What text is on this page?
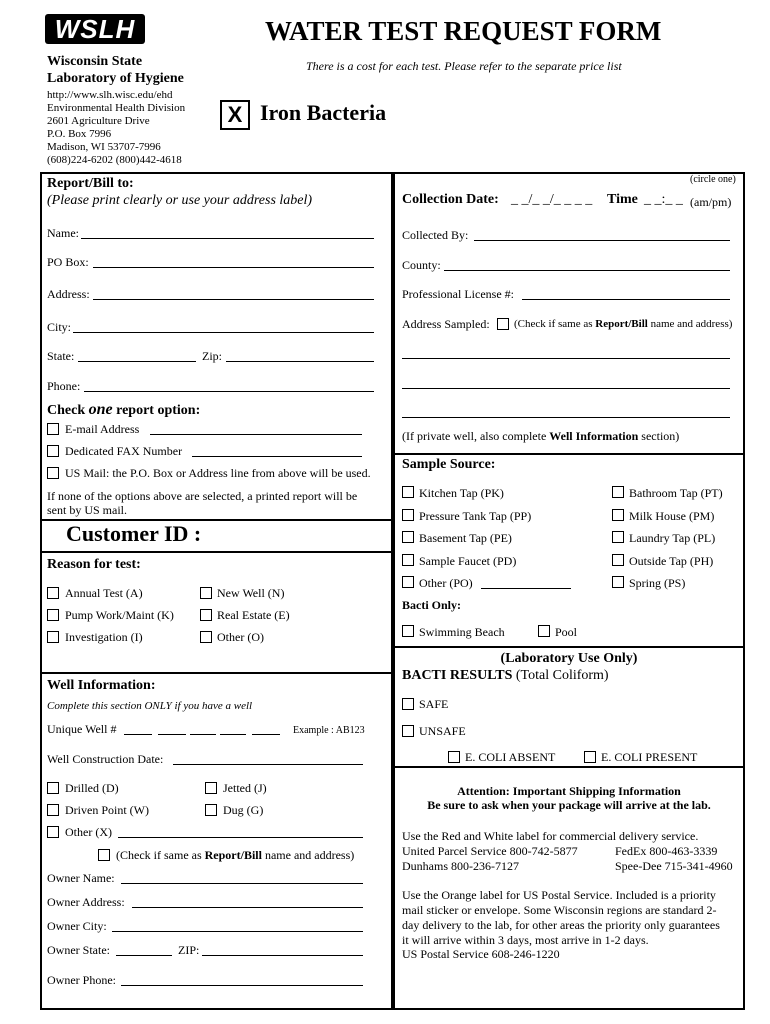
WSLH
Wisconsin State
Laboratory of Hygiene
http://www.slh.wisc.edu/ehd
Environmental Health Division
2601 Agriculture Drive
P.O. Box 7996
Madison, WI 53707-7996
(608)224-6202 (800)442-4618
WATER TEST REQUEST FORM
There is a cost for each test. Please refer to the separate price list
X Iron Bacteria
Report/Bill to:
(Please print clearly or use your address label)
Name:
PO Box:
Address:
City:
State:	Zip:
Phone:
Check one report option:
E-mail Address
Dedicated FAX Number
US Mail: the P.O. Box or Address line from above will be used.
If none of the options above are selected, a printed report will be
sent by US mail.
Customer ID :
Reason for test:
Annual Test (A)	New Well (N)
Pump Work/Maint (K)	Real Estate (E)
Investigation (I)	Other (O)
Well Information:
Complete this section ONLY if you have a well
Unique Well #	Example : AB123
Well Construction Date:
Drilled (D)	Jetted (J)
Driven Point (W)	Dug (G)
Other (X)
(Check if same as Report/Bill name and address)
Owner Name:
Owner Address:
Owner City:
Owner State:	ZIP:
Owner Phone:
(circle one)
Collection Date: _ _/_ _/_ _ _ _ Time _ _:_ _ (am/pm)
Collected By:
County:
Professional License #:
Address Sampled: (Check if same as Report/Bill name and address)
(If private well, also complete Well Information section)
Sample Source:
Kitchen Tap (PK)	Bathroom Tap (PT)
Pressure Tank Tap (PP)	Milk House (PM)
Basement Tap (PE)	Laundry Tap (PL)
Sample Faucet (PD)	Outside Tap (PH)
Other (PO)	Spring (PS)
Bacti Only:
Swimming Beach	Pool
(Laboratory Use Only)
BACTI RESULTS (Total Coliform)
SAFE
UNSAFE
E. COLI ABSENT	E. COLI PRESENT
Attention: Important Shipping Information
Be sure to ask when your package will arrive at the lab.
Use the Red and White label for commercial delivery service.
United Parcel Service 800-742-5877	FedEx 800-463-3339
Dunhams 800-236-7127	Spee-Dee 715-341-4960
Use the Orange label for US Postal Service. Included is a priority
mail sticker or envelope. Some Wisconsin regions are standard 2-
day delivery to the lab, for other areas the priority only guarantees
it will arrive within 3 days, most arrive in 1-2 days.
US Postal Service 608-246-1220
